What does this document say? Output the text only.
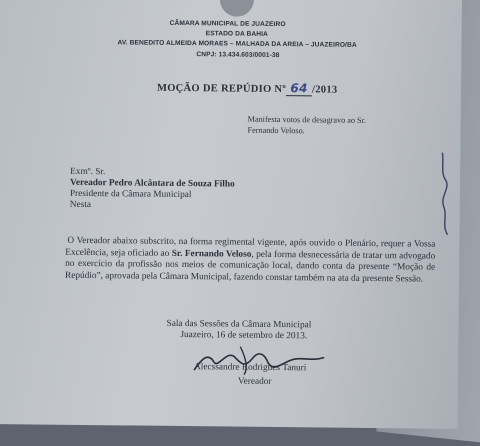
CÂMARA MUNICIPAL DE JUAZEIRO
ESTADO DA BAHIA
AV. BENEDITO ALMEIDA MORAES – MALHADA DA AREIA – JUAZEIRO/BA
CNPJ: 13.434.603/0001-38
MOÇÃO DE REPÚDIO Nº 64 /2013
Manifesta votos de desagravo ao Sr.
Fernando Veloso.
Exmº. Sr.
Vereador Pedro Alcântara de Souza Filho
Presidente da Câmara Municipal
Nesta
O Vereador abaixo subscrito, na forma regimental vigente, após ouvido o Plenário, requer a Vossa Excelência, seja oficiado ao Sr. Fernando Veloso, pela forma desnecessária de tratar um advogado no exercício da profissão nos meios de comunicação local, dando conta da presente “Moção de Repúdio”, aprovada pela Câmara Municipal, fazendo constar também na ata da presente Sessão.
Sala das Sessões da Câmara Municipal
Juazeiro, 16 de setembro de 2013.
Alecssandre Rodrigues Tanuri
Vereador
